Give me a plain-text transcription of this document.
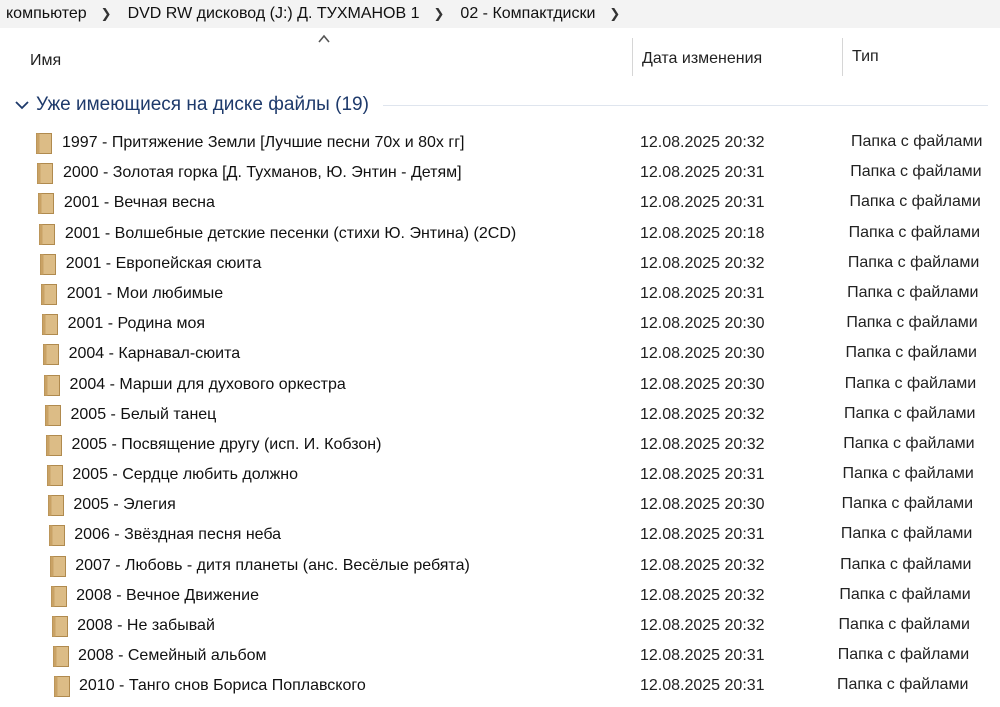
компьютер	❯	DVD RW дисковод (J:) Д. ТУХМАНОВ 1	❯	02 - Компактдиски	❯
Имя	Дата изменения	Тип
Уже имеющиеся на диске файлы (19)
1997 - Притяжение Земли [Лучшие песни 70х и 80х гг]	12.08.2025 20:32	Папка с файлами
2000 - Золотая горка [Д. Тухманов, Ю. Энтин - Детям]	12.08.2025 20:31	Папка с файлами
2001 - Вечная весна	12.08.2025 20:31	Папка с файлами
2001 - Волшебные детские песенки (стихи Ю. Энтина) (2CD)	12.08.2025 20:18	Папка с файлами
2001 - Европейская сюита	12.08.2025 20:32	Папка с файлами
2001 - Мои любимые	12.08.2025 20:31	Папка с файлами
2001 - Родина моя	12.08.2025 20:30	Папка с файлами
2004 - Карнавал-сюита	12.08.2025 20:30	Папка с файлами
2004 - Марши для духового оркестра	12.08.2025 20:30	Папка с файлами
2005 - Белый танец	12.08.2025 20:32	Папка с файлами
2005 - Посвящение другу (исп. И. Кобзон)	12.08.2025 20:32	Папка с файлами
2005 - Сердце любить должно	12.08.2025 20:31	Папка с файлами
2005 - Элегия	12.08.2025 20:30	Папка с файлами
2006 - Звёздная песня неба	12.08.2025 20:31	Папка с файлами
2007 - Любовь - дитя планеты (анс. Весёлые ребята)	12.08.2025 20:32	Папка с файлами
2008 - Вечное Движение	12.08.2025 20:32	Папка с файлами
2008 - Не забывай	12.08.2025 20:32	Папка с файлами
2008 - Семейный альбом	12.08.2025 20:31	Папка с файлами
2010 - Танго снов Бориса Поплавского	12.08.2025 20:31	Папка с файлами
